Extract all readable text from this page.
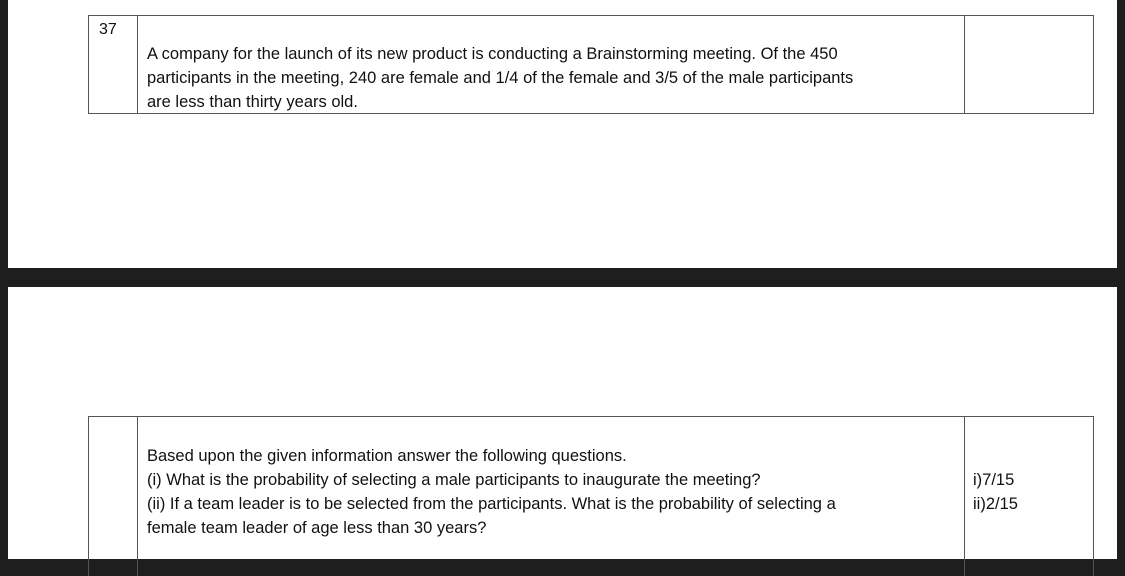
37
A company for the launch of its new product is conducting a Brainstorming meeting. Of the 450
participants in the meeting, 240 are female and 1/4 of the female and 3/5 of the male participants
are less than thirty years old.
Based upon the given information answer the following questions.
(i) What is the probability of selecting a male participants to inaugurate the meeting?
(ii) If a team leader is to be selected from the participants. What is the probability of selecting a
female team leader of age less than 30 years?
i)7/15
ii)2/15
